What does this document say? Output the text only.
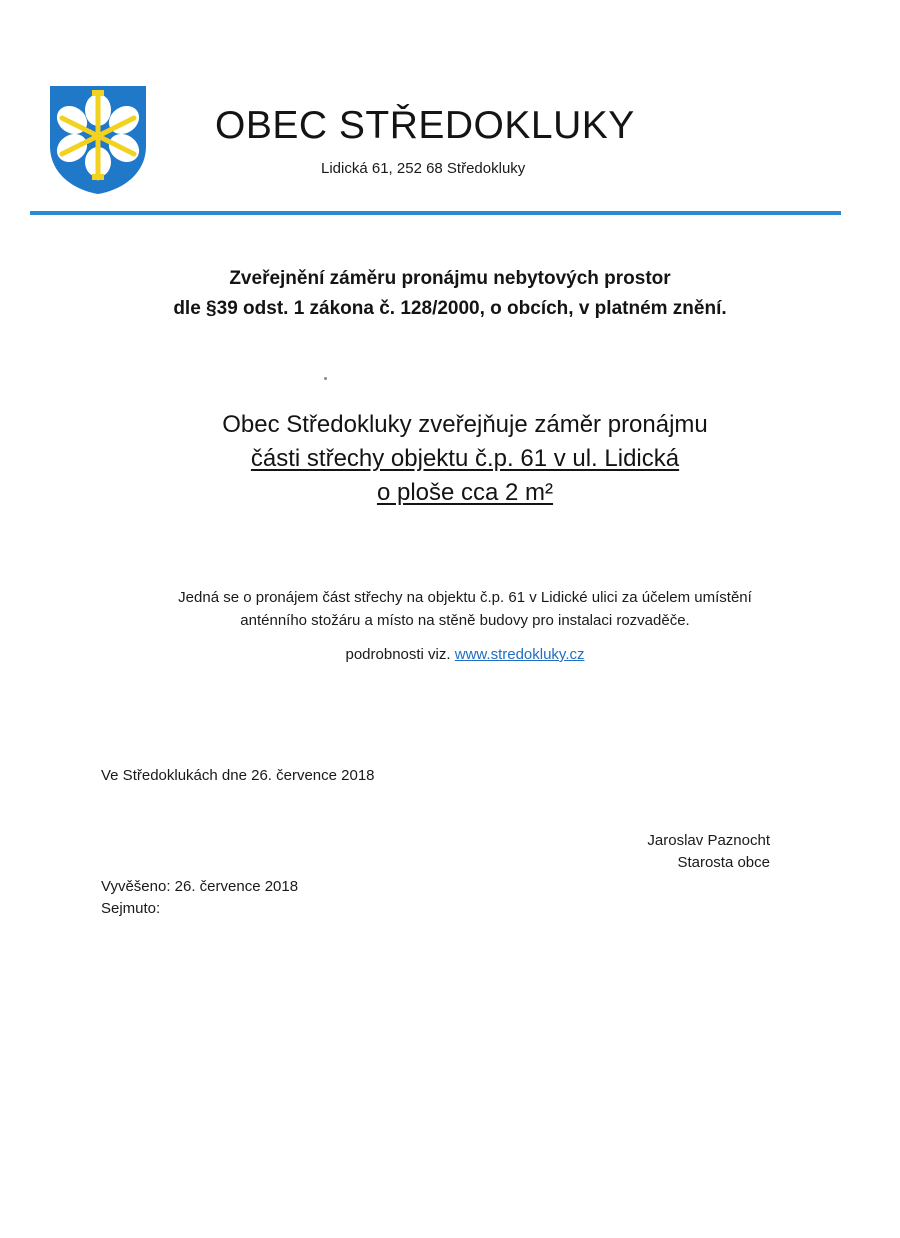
OBEC STŘEDOKLUKY
Lidická 61, 252 68 Středokluky
Zveřejnění záměru pronájmu nebytových prostor
dle §39 odst. 1 zákona č. 128/2000, o obcích, v platném znění.
Obec Středokluky zveřejňuje záměr pronájmu
části střechy objektu č.p. 61 v ul. Lidická
o ploše cca 2 m²
Jedná se o pronájem část střechy na objektu č.p. 61 v Lidické ulici za účelem umístění
anténního stožáru a místo na stěně budovy pro instalaci rozvaděče.
podrobnosti viz. www.stredokluky.cz
Ve Středoklukách dne 26. července 2018
Jaroslav Paznocht
Starosta obce
Vyvěšeno: 26. července 2018
Sejmuto:
